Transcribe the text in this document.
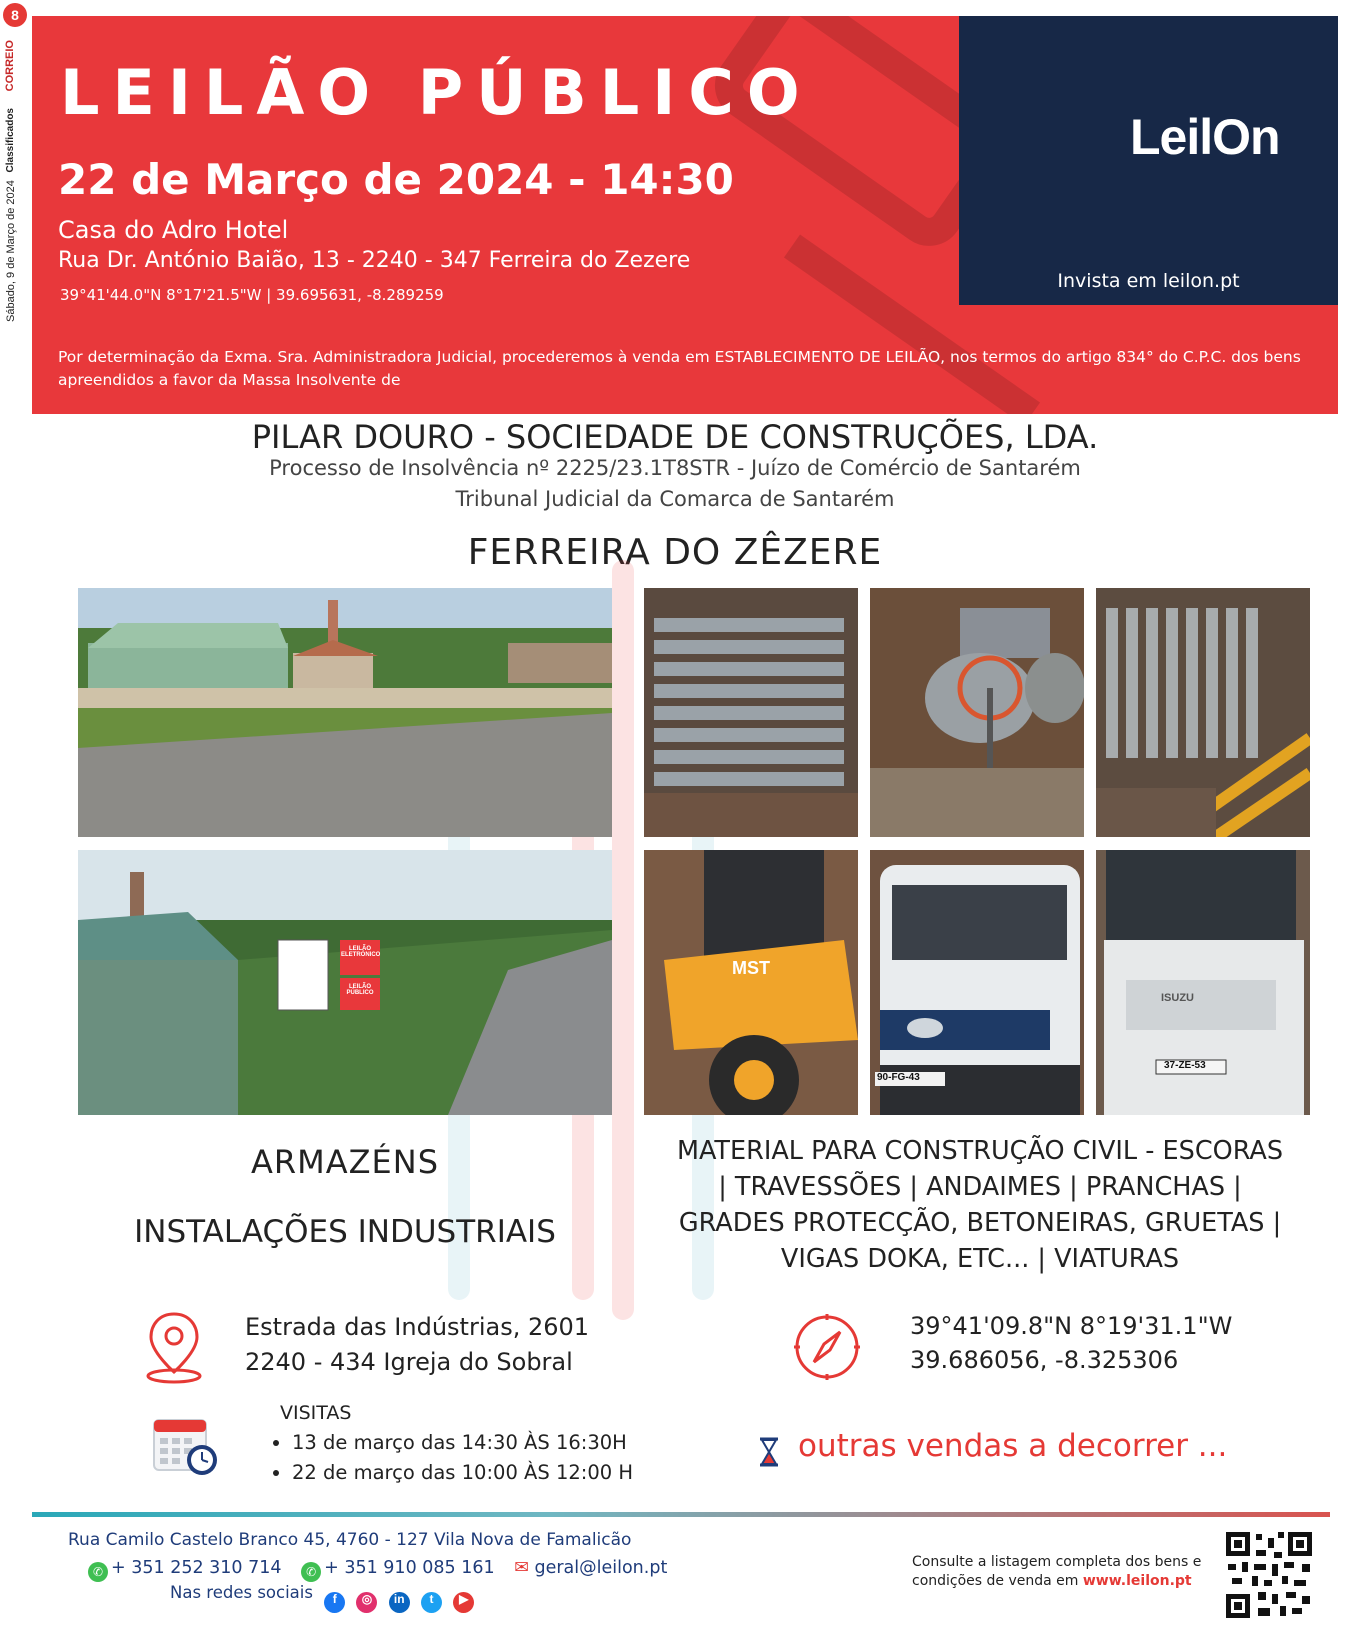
8
CORREIO
Classificados
Sábado, 9 de Março de 2024
LEILÃO PÚBLICO
22 de Março de 2024 - 14:30
Casa do Adro Hotel
Rua Dr. António Baião, 13 - 2240 - 347 Ferreira do Zezere
39°41'44.0"N 8°17'21.5"W | 39.695631, -8.289259
Por determinação da Exma. Sra. Administradora Judicial, procederemos à venda em ESTABLECIMENTO DE LEILÃO, nos termos do artigo 834° do C.P.C. dos bens apreendidos a favor da Massa Insolvente de
LeilOn
Invista em leilon.pt
PILAR DOURO - SOCIEDADE DE CONSTRUÇÕES, LDA.
Processo de Insolvência nº 2225/23.1T8STR - Juízo de Comércio de Santarém
Tribunal Judicial da Comarca de Santarém
FERREIRA DO ZÊZERE
LEILÃO ELETRÓNICO
LEILÃO PÚBLICO
MST
90-FG-43
ISUZU
37-ZE-53
ARMAZÉNS
INSTALAÇÕES INDUSTRIAIS
MATERIAL PARA CONSTRUÇÃO CIVIL - ESCORAS
| TRAVESSÕES | ANDAIMES | PRANCHAS |
GRADES PROTECÇÃO, BETONEIRAS, GRUETAS |
VIGAS DOKA, ETC... | VIATURAS
Estrada das Indústrias, 2601
2240 - 434 Igreja do Sobral
39°41'09.8"N 8°19'31.1"W
39.686056, -8.325306
VISITAS
• 13 de março das 14:30 ÀS 16:30H
• 22 de março das 10:00 ÀS 12:00 H
outras vendas a decorrer ...
Rua Camilo Castelo Branco 45, 4760 - 127 Vila Nova de Famalicão
✆ + 351 252 310 714 ✆ + 351 910 085 161 ✉ geral@leilon.pt
Nas redes sociais f ◎ in t ▶
Consulte a listagem completa dos bens e condições de venda em www.leilon.pt
